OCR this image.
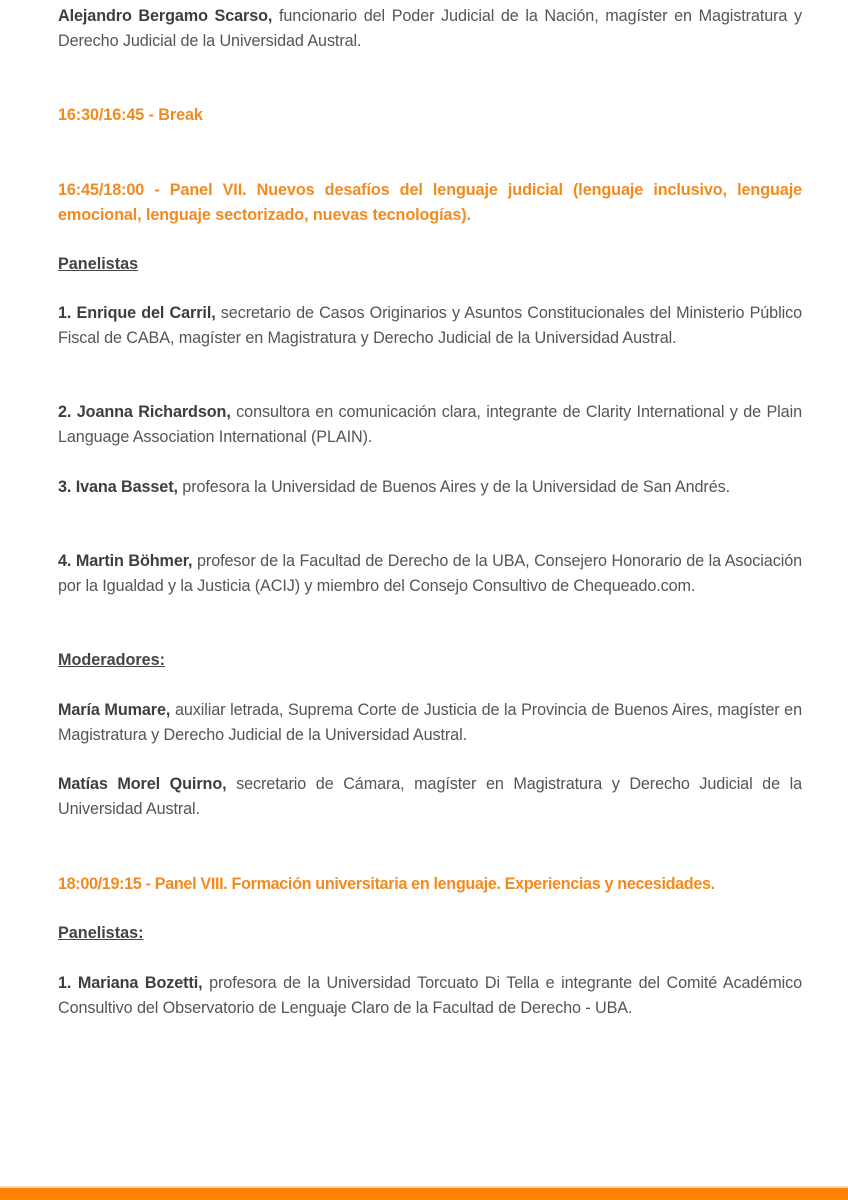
Alejandro Bergamo Scarso, funcionario del Poder Judicial de la Nación, magíster en Magistratura y Derecho Judicial de la Universidad Austral.

16:30/16:45 - Break

16:45/18:00 - Panel VII. Nuevos desafíos del lenguaje judicial (lenguaje inclusivo, lenguaje emocional, lenguaje sectorizado, nuevas tecnologías).

Panelistas

1. Enrique del Carril, secretario de Casos Originarios y Asuntos Constitucionales del Ministerio Público Fiscal de CABA, magíster en Magistratura y Derecho Judicial de la Universidad Austral.

2. Joanna Richardson, consultora en comunicación clara, integrante de Clarity International y de Plain Language Association International (PLAIN).

3. Ivana Basset, profesora la Universidad de Buenos Aires y de la Universidad de San Andrés.

4. Martin Böhmer, profesor de la Facultad de Derecho de la UBA, Consejero Honorario de la Asociación por la Igualdad y la Justicia (ACIJ) y miembro del Consejo Consultivo de Chequeado.com.

Moderadores:

María Mumare, auxiliar letrada, Suprema Corte de Justicia de la Provincia de Buenos Aires, magíster en Magistratura y Derecho Judicial de la Universidad Austral.

Matías Morel Quirno, secretario de Cámara, magíster en Magistratura y Derecho Judicial de la Universidad Austral.

18:00/19:15 - Panel VIII. Formación universitaria en lenguaje. Experiencias y necesidades.

Panelistas:

1. Mariana Bozetti, profesora de la Universidad Torcuato Di Tella e integrante del Comité Académico Consultivo del Observatorio de Lenguaje Claro de la Facultad de Derecho - UBA.
